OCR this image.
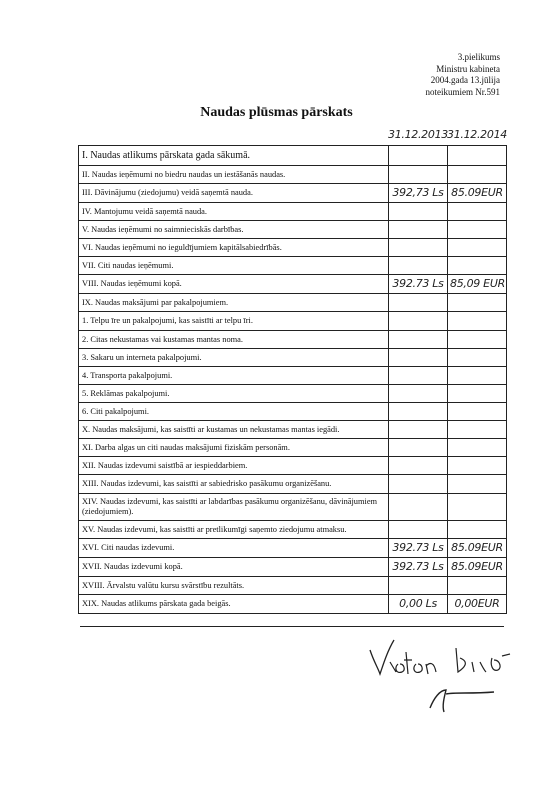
3.pielikums
Ministru kabineta
2004.gada 13.jūlija
noteikumiem Nr.591
Naudas plūsmas pārskats
31.12.2013 31.12.2014
I. Naudas atlikums pārskata gada sākumā.		
II. Naudas ieņēmumi no biedru naudas un iestāšanās naudas.		
III. Dāvinājumu (ziedojumu) veidā saņemtā nauda.	392,73 Ls	85.09EUR
IV. Mantojumu veidā saņemtā nauda.		
V. Naudas ieņēmumi no saimnieciskās darbības.		
VI. Naudas ieņēmumi no ieguldījumiem kapitālsabiedrībās.		
VII. Citi naudas ieņēmumi.		
VIII. Naudas ieņēmumi kopā.	392.73 Ls	85,09 EUR
IX. Naudas maksājumi par pakalpojumiem.		
1. Telpu īre un pakalpojumi, kas saistīti ar telpu īri.		
2. Citas nekustamas vai kustamas mantas noma.		
3. Sakaru un interneta pakalpojumi.		
4. Transporta pakalpojumi.		
5. Reklāmas pakalpojumi.		
6. Citi pakalpojumi.		
X. Naudas maksājumi, kas saistīti ar kustamas un nekustamas mantas iegādi.		
XI. Darba algas un citi naudas maksājumi fiziskām personām.		
XII. Naudas izdevumi saistībā ar iespieddarbiem.		
XIII. Naudas izdevumi, kas saistīti ar sabiedrisko pasākumu organizēšanu.		
XIV. Naudas izdevumi, kas saistīti ar labdarības pasākumu organizēšanu, dāvinājumiem (ziedojumiem).		
XV. Naudas izdevumi, kas saistīti ar pretlikumīgi saņemto ziedojumu atmaksu.		
XVI. Citi naudas izdevumi.	392.73 Ls	85.09EUR
XVII. Naudas izdevumi kopā.	392.73 Ls	85.09EUR
XVIII. Ārvalstu valūtu kursu svārstību rezultāts.		
XIX. Naudas atlikums pārskata gada beigās.	0,00 Ls	0,00EUR
